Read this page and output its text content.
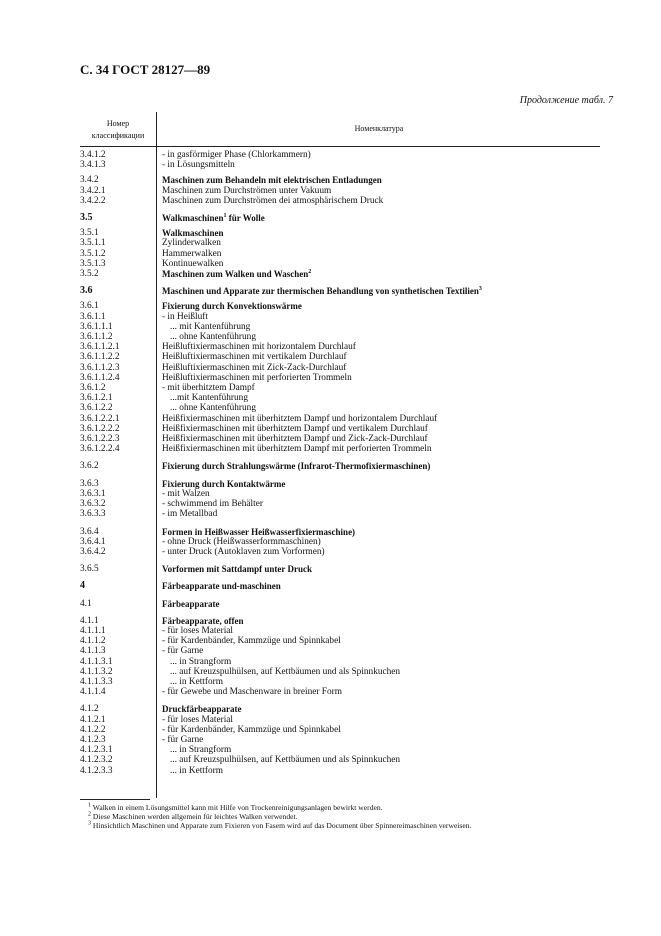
С. 34 ГОСТ 28127—89
Продолжение табл. 7
Номер
классификации
Номенклатура
3.4.1.2	- in gasförmiger Phase (Chlorkammern)
3.4.1.3	- in Lösungsmitteln
3.4.2	Maschinen zum Behandeln mit elektrischen Entladungen
3.4.2.1	Maschinen zum Durchströmen unter Vakuum
3.4.2.2	Maschinen zum Durchströmen dei atmosphärischem Druck
3.5	Walkmaschinen$^1$ für Wolle
3.5.1	Walkmaschinen
3.5.1.1	Zylinderwalken
3.5.1.2	Hammerwalken
3.5.1.3	Kontinuewalken
3.5.2	Maschinen zum Walken und Waschen$^2$
3.6	Maschinen und Apparate zur thermischen Behandlung von synthetischen Textilien$^3$
3.6.1	Fixierung durch Konvektionswärme
3.6.1.1	- in Heißluft
3.6.1.1.1	... mit Kantenführung
3.6.1.1.2	... ohne Kantenführung
3.6.1.1.2.1	Heißluftixiermaschinen mit horizontalem Durchlauf
3.6.1.1.2.2	Heißluftixiermaschinen mit vertikalem Durchlauf
3.6.1.1.2.3	Heißluftixiermaschinen mit Zick-Zack-Durchlauf
3.6.1.1.2.4	Heißluftixiermaschinen mit perforierten Trommeln
3.6.1.2	- mit überhitztem Dampf
3.6.1.2.1	...mit Kantenführung
3.6.1.2.2	... ohne Kantenführung
3.6.1.2.2.1	Heißfixiermaschinen mit überhitztem Dampf und horizontalem Durchlauf
3.6.1.2.2.2	Heißfixiermaschinen mit überhitztem Dampf und vertikalem Durchlauf
3.6.1.2.2.3	Heißfixiermaschinen mit überhitztem Dampf und Zick-Zack-Durchlauf
3.6.1.2.2.4	Heißfixiermaschinen mit überhitztem Dampf mit perforierten Trommeln
3.6.2	Fixierung durch Strahlungswärme (Infrarot-Thermofixiermaschinen)
3.6.3	Fixierung durch Kontaktwärme
3.6.3.1	- mit Walzen
3.6.3.2	- schwimmend im Behälter
3.6.3.3	- im Metallbad
3.6.4	Formen in Heißwasser Heißwasserfixiermaschine)
3.6.4.1	- ohne Druck (Heißwasserformmaschinen)
3.6.4.2	- unter Druck (Autoklaven zum Vorformen)
3.6.5	Vorformen mit Sattdampf unter Druck
4	Färbeapparate und-maschinen
4.1	Färbeapparate
4.1.1	Färbeapparate, offen
4.1.1.1	- für loses Material
4.1.1.2	- für Kardenbänder, Kammzüge und Spinnkabel
4.1.1.3	- für Garne
4.1.1.3.1	... in Strangform
4.1.1.3.2	... auf Kreuzspulhülsen, auf Kettbäumen und als Spinnkuchen
4.1.1.3.3	... in Kettform
4.1.1.4	- für Gewebe und Maschenware in breiner Form
4.1.2	Druckfärbeapparate
4.1.2.1	- für loses Material
4.1.2.2	- für Kardenbänder, Kammzüge und Spinnkabel
4.1.2.3	- für Garne
4.1.2.3.1	... in Strangform
4.1.2.3.2	... auf Kreuzspulhülsen, auf Kettbäumen und als Spinnkuchen
4.1.2.3.3	... in Kettform
$^1$ Walken in einem Lösungsmittel kann mit Hilfe von Trockenreinigungsanlagen bewirkt werden.
$^2$ Diese Maschinen werden allgemein für leichtes Walken verwendet.
$^3$ Hinsichtlich Maschinen und Apparate zum Fixieren von Fasem wird auf das Document über Spinnereimaschinen verweisen.
